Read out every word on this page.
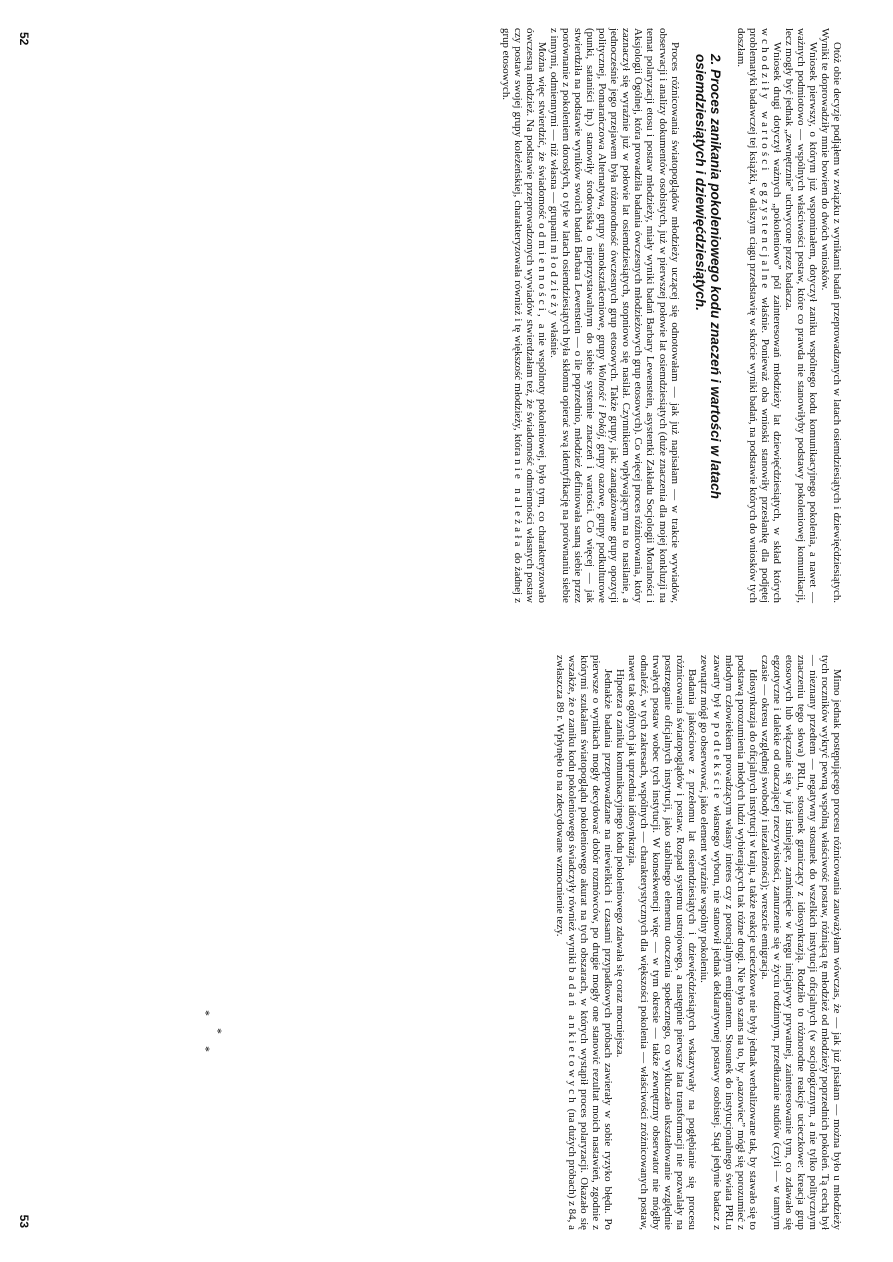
Otóż obie decyzje podjąłem w związku z wynikami badań przeprowadzanych w latach osiemdziesiątych i dziewięćdziesiątych. Wyniki te doprowadziły mnie bowiem do dwóch wniosków.

Wniosek pierwszy, o którym już wspominałem, dotyczył zaniku wspólnego kodu komunikacyjnego pokolenia, a nawet — ważnych podmiotowo — wspólnych właściwości postaw, które co prawda nie stanowiłyby podstawy pokoleniowej komunikacji, lecz mogły być jednak „zewnętrznie” uchwycone przez badacza.

Wniosek drugi dotyczył ważnych „pokoleniowo” pól zainteresowań młodzieży lat dziewięćdziesiątych, w skład których wchodziły wartości egzystencjalne właśnie. Ponieważ oba wnioski stanowiły przesłankę dla podjętej problematyki badawczej tej książki, w dalszym ciągu przedstawię w skrócie wyniki badań, na podstawie których do wniosków tych doszłam.

2. Proces zanikania pokoleniowego kodu znaczeń i wartości w latach osiemdziesiątych i dziewięćdziesiątych.

Proces różnicowania światopoglądów młodzieży uczącej się odnotowałam — jak już napisałam — w trakcie wywiadów, obserwacji i analizy dokumentów osobistych, już w pierwszej połowie lat osiemdziesiątych (duże znaczenia dla mojej konkluzji na temat polaryzacji etosu i postaw młodzieży, miały wyniki badań Barbary Lewenstein, asystentki Zakładu Socjologii Moralności i Aksjologii Ogólnej, która prowadziła badania ówczesnych młodzieżowych grup etosowych). Co więcej proces różnicowania, który zaznaczył się wyraźnie już w połowie lat osiemdziesiątych, stopniowo się nasilał. Czynnikiem wpływającym na to nasilanie, a jednocześnie jego przejawem była różnorodność ówczesnych grup etosowych. Także grupy, jak: zaangażowane grupy opozycji politycznej, Pomarańczowa Alternatywa, grupy samokształceniowe, grupy Wolność i Pokój, grupy oazowe, grupy podkulturowe (punki, sataniści itp.) stanowiły środowiska o nieprzystawalnym do siebie systemie znaczeń i wartości. Co więcej — jak stwierdziła na podstawie wyników swoich badań Barbara Lewenstein — o ile poprzednio, młodzież definiowała samą siebie przez porównanie z pokoleniem dorosłych, o tyle w latach osiemdziesiątych była skłonna opierać swą identyfikację na porównaniu siebie z innymi, odmiennymi — niż własna — grupami młodzieży właśnie.

Można więc stwierdzić, że świadomość odmienności, a nie wspólnoty pokoleniowej, było tym, co charakteryzowało ówczesną młodzież. Na podstawie przeprowadzonych wywiadów stwierdzałam też, że świadomość odmienności własnych postaw czy postaw swojej grupy koleżeńskiej, charakteryzowała również i tę większość młodzieży, która nie należała do żadnej z grup etosowych.

52

Mimo jednak postępującego procesu różnicowania zauważyłam wówczas, że — jak już pisałam — można było u młodzieży tych roczników wykryć pewną wspólną właściwość postaw, różniącą tę młodzież od młodzieży poprzednich pokoleń. Tą cechą był — nieznany przedtem — negatywny stosunek do wszelkich instytucji oficjalnych (w socjologicznym, a nie tylko politycznym znaczeniu tego słowa) PRLu, stosunek graniczący z idiosynkrazją. Rodziło to różnorodne reakcje ucieczkowe: kreacja grup etosowych lub włączanie się w już istniejące, zamknięcie w kręgu inicjatywy prywatnej, zainteresowanie tym, co zdawało się egzotyczne i dalekie od otaczającej rzeczywistości, zanurzenie się w życiu rodzinnym, przedłużanie studiów (czyli — w tamtym czasie — okresu względnej swobody i niezależności); wreszcie emigracja.

Idiosynkrazja do oficjalnych instytucji w kraju, a także reakcje ucieczkowe nie były jednak werbalizowane tak, by stawało się to podstawą porozumienia młodych ludzi wybierających tak różne drogi. Nie było szans na to, by „oazowiec” mógł się porozumieć z młodym człowiekiem prowadzącym własny interes czy z potencjalnym emigrantem. Stosunek do instytucjonalnego świata PRLu zawarty był w podtekście własnego wyboru, nie stanowił jednak deklaratywnej postawy osobistej. Stąd jedynie badacz z zewnątrz mógł go obserwować, jako element wyraźnie wspólny pokoleniu.

Badania jakościowe z przełomu lat osiemdziesiątych i dziewięćdziesiątych wskazywały na pogłębianie się procesu różnicowania światopoglądów i postaw. Rozpad systemu ustrojowego, a następnie pierwsze lata transformacji nie pozwalały na postrzeganie oficjalnych instytucji, jako stabilnego elementu otoczenia społecznego, co wykluczało ukształtowanie względnie trwałych postaw wobec tych instytucji. W konsekwencji więc — w tym okresie — także zewnętrzny obserwator nie mógłby odnaleźć, w tych zakresach, wspólnych — charakterystycznych dla większości pokolenia — właściwości zróżnicowanych postaw, nawet tak ogólnych jak uprzednia idiosynkrazja.

Hipoteza o zaniku komunikacyjnego kodu pokoleniowego zdawała się coraz mocniejsza.

Jednakże badania przeprowadzane na niewielkich i czasami przypadkowych próbach zawierały w sobie ryzyko błędu. Po pierwsze o wynikach mogły decydować dobór rozmówców, po drugie mogły one stanowić rezultat moich nastawień, zgodnie z którymi szukałam światopoglądu pokoleniowego akurat na tych obszarach, w których wystąpił proces polaryzacji. Okazało się wszakże, że o zaniku kodu pokoleniowego świadczyły również wyniki badań ankietowych (na dużych próbach) z 84, a zwłaszcza 89 r. Wpłynęło to na zdecydowane wzmocnienie tezy.

*
*
*
53
